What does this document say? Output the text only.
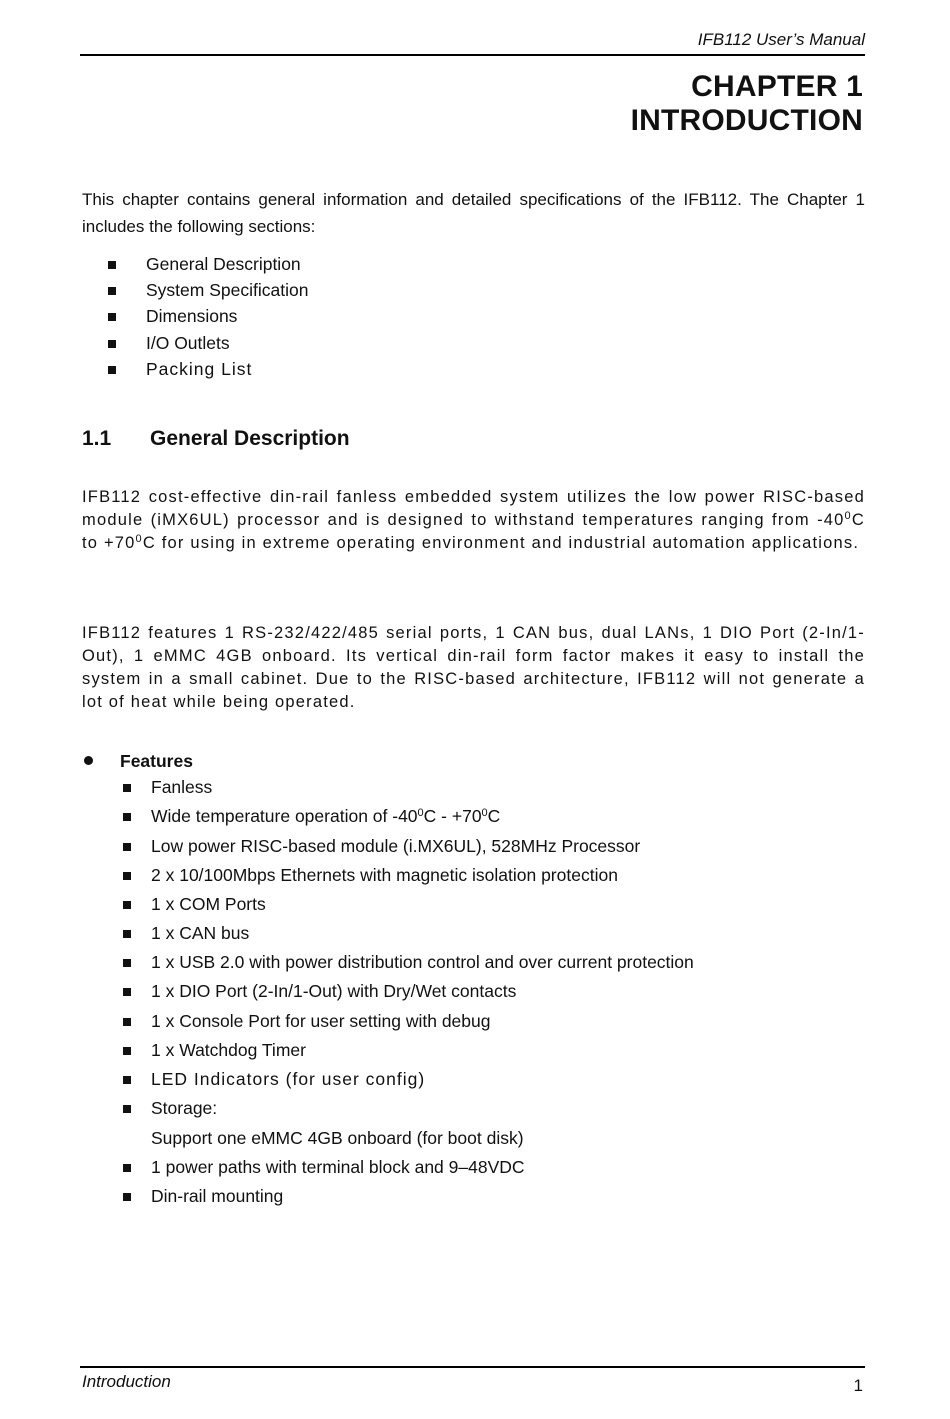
IFB112 User’s Manual
CHAPTER 1
INTRODUCTION
This chapter contains general information and detailed specifications of the IFB112. The Chapter 1 includes the following sections:
General Description
System Specification
Dimensions
I/O Outlets
Packing List
1.1 General Description
IFB112 cost-effective din-rail fanless embedded system utilizes the low power RISC-based module (iMX6UL) processor and is designed to withstand temperatures ranging from $-40^0C$ to $+70^0C$ for using in extreme operating environment and industrial automation applications.
IFB112 features 1 RS-232/422/485 serial ports, 1 CAN bus, dual LANs, 1 DIO Port (2-In/1-Out), 1 eMMC 4GB onboard. Its vertical din-rail form factor makes it easy to install the system in a small cabinet. Due to the RISC-based architecture, IFB112 will not generate a lot of heat while being operated.
Features
Fanless
Wide temperature operation of $-40^0C - +70^0C$
Low power RISC-based module (i.MX6UL), 528MHz Processor
2 x 10/100Mbps Ethernets with magnetic isolation protection
1 x COM Ports
1 x CAN bus
1 x USB 2.0 with power distribution control and over current protection
1 x DIO Port (2-In/1-Out) with Dry/Wet contacts
1 x Console Port for user setting with debug
1 x Watchdog Timer
LED Indicators (for user config)
Storage:
Support one eMMC 4GB onboard (for boot disk)
1 power paths with terminal block and 9–48VDC
Din-rail mounting
Introduction	1
